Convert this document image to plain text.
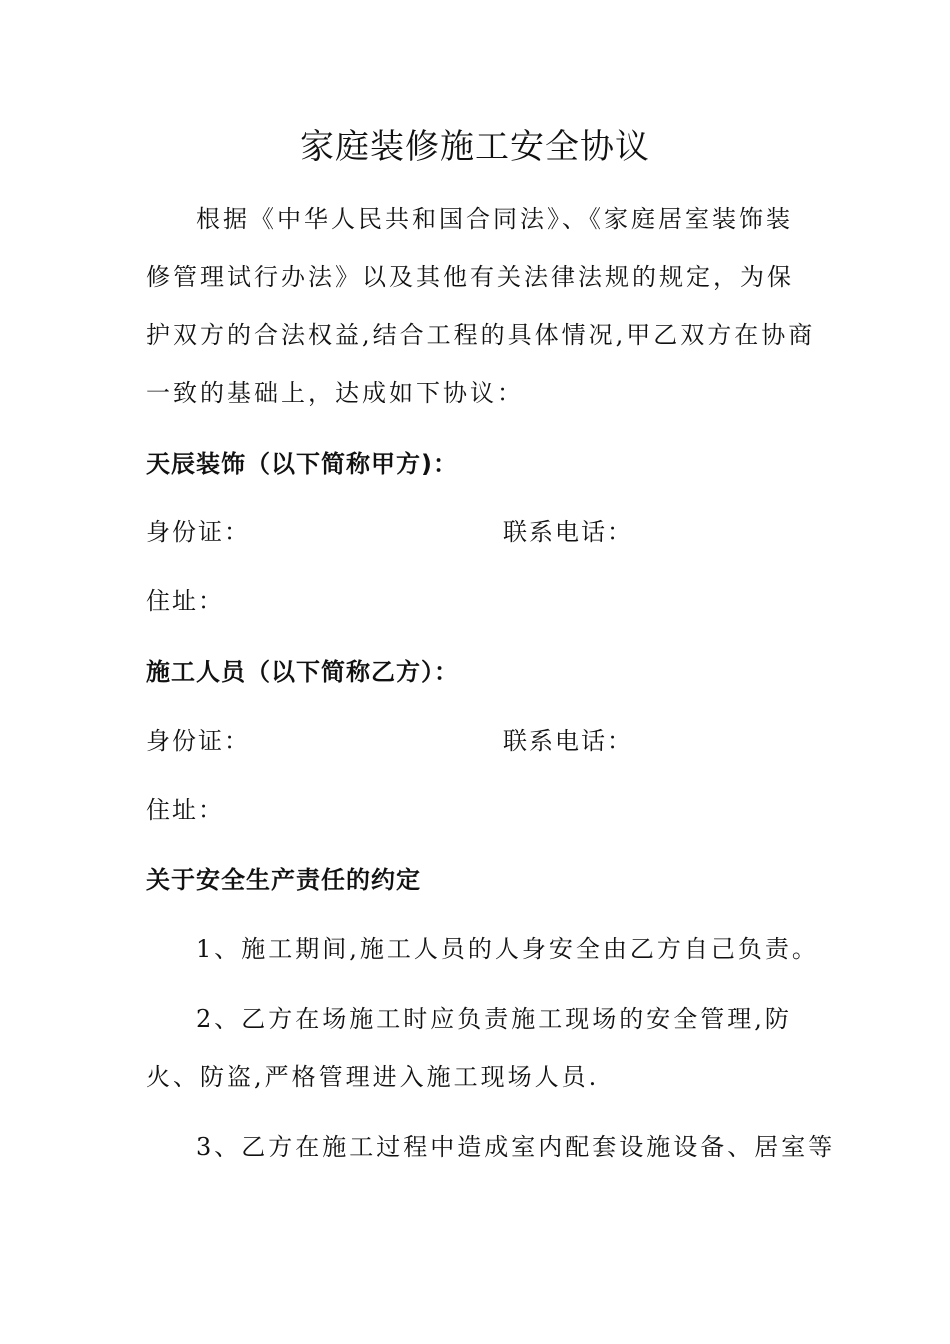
家庭装修施工安全协议

根据《中华人民共和国合同法》、《家庭居室装饰装修管理试行办法》以及其他有关法律法规的规定，为保护双方的合法权益,结合工程的具体情况,甲乙双方在协商一致的基础上，达成如下协议：

天辰装饰（以下简称甲方)：

身份证：	联系电话：

住址：

施工人员（以下简称乙方）：

身份证：	联系电话：

住址：

关于安全生产责任的约定

1、施工期间,施工人员的人身安全由乙方自己负责。

2、乙方在场施工时应负责施工现场的安全管理,防火、防盗,严格管理进入施工现场人员.

3、乙方在施工过程中造成室内配套设施设备、居室等
